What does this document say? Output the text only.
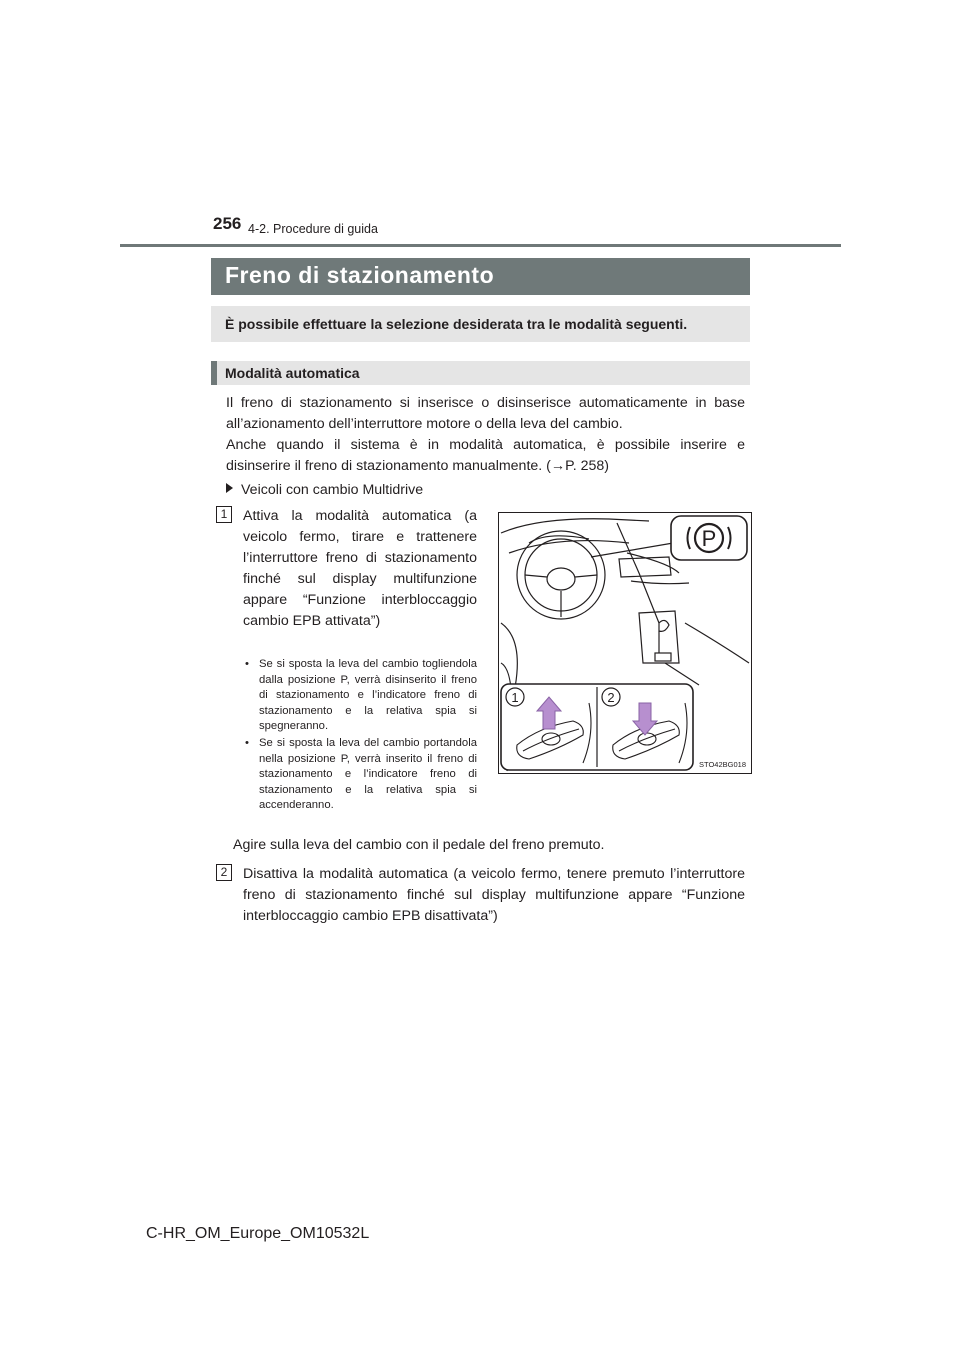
256 4-2. Procedure di guida
Freno di stazionamento
È possibile effettuare la selezione desiderata tra le modalità seguenti.
Modalità automatica
Il freno di stazionamento si inserisce o disinserisce automaticamente in base
all’azionamento dell’interruttore motore o della leva del cambio.
Anche quando il sistema è in modalità automatica, è possibile inserire e
disinserire il freno di stazionamento manualmente. (→P. 258)
Veicoli con cambio Multidrive
1	Attiva la modalità automatica (a veicolo fermo, tirare e trattenere l’interruttore freno di stazionamento finché sul display multifunzione appare “Funzione interbloccaggio cambio EPB attivata”)
• Se si sposta la leva del cambio togliendola dalla posizione P, verrà disinserito il freno di stazionamento e l’indicatore freno di stazionamento e la relativa spia si spegneranno.
• Se si sposta la leva del cambio portandola nella posizione P, verrà inserito il freno di stazionamento e l’indicatore freno di stazionamento e la relativa spia si accenderanno.
Agire sulla leva del cambio con il pedale del freno premuto.
2	Disattiva la modalità automatica (a veicolo fermo, tenere premuto l’interruttore freno di stazionamento finché sul display multifunzione appare “Funzione interbloccaggio cambio EPB disattivata”)
P
1	2
STO42BG018
C-HR_OM_Europe_OM10532L
